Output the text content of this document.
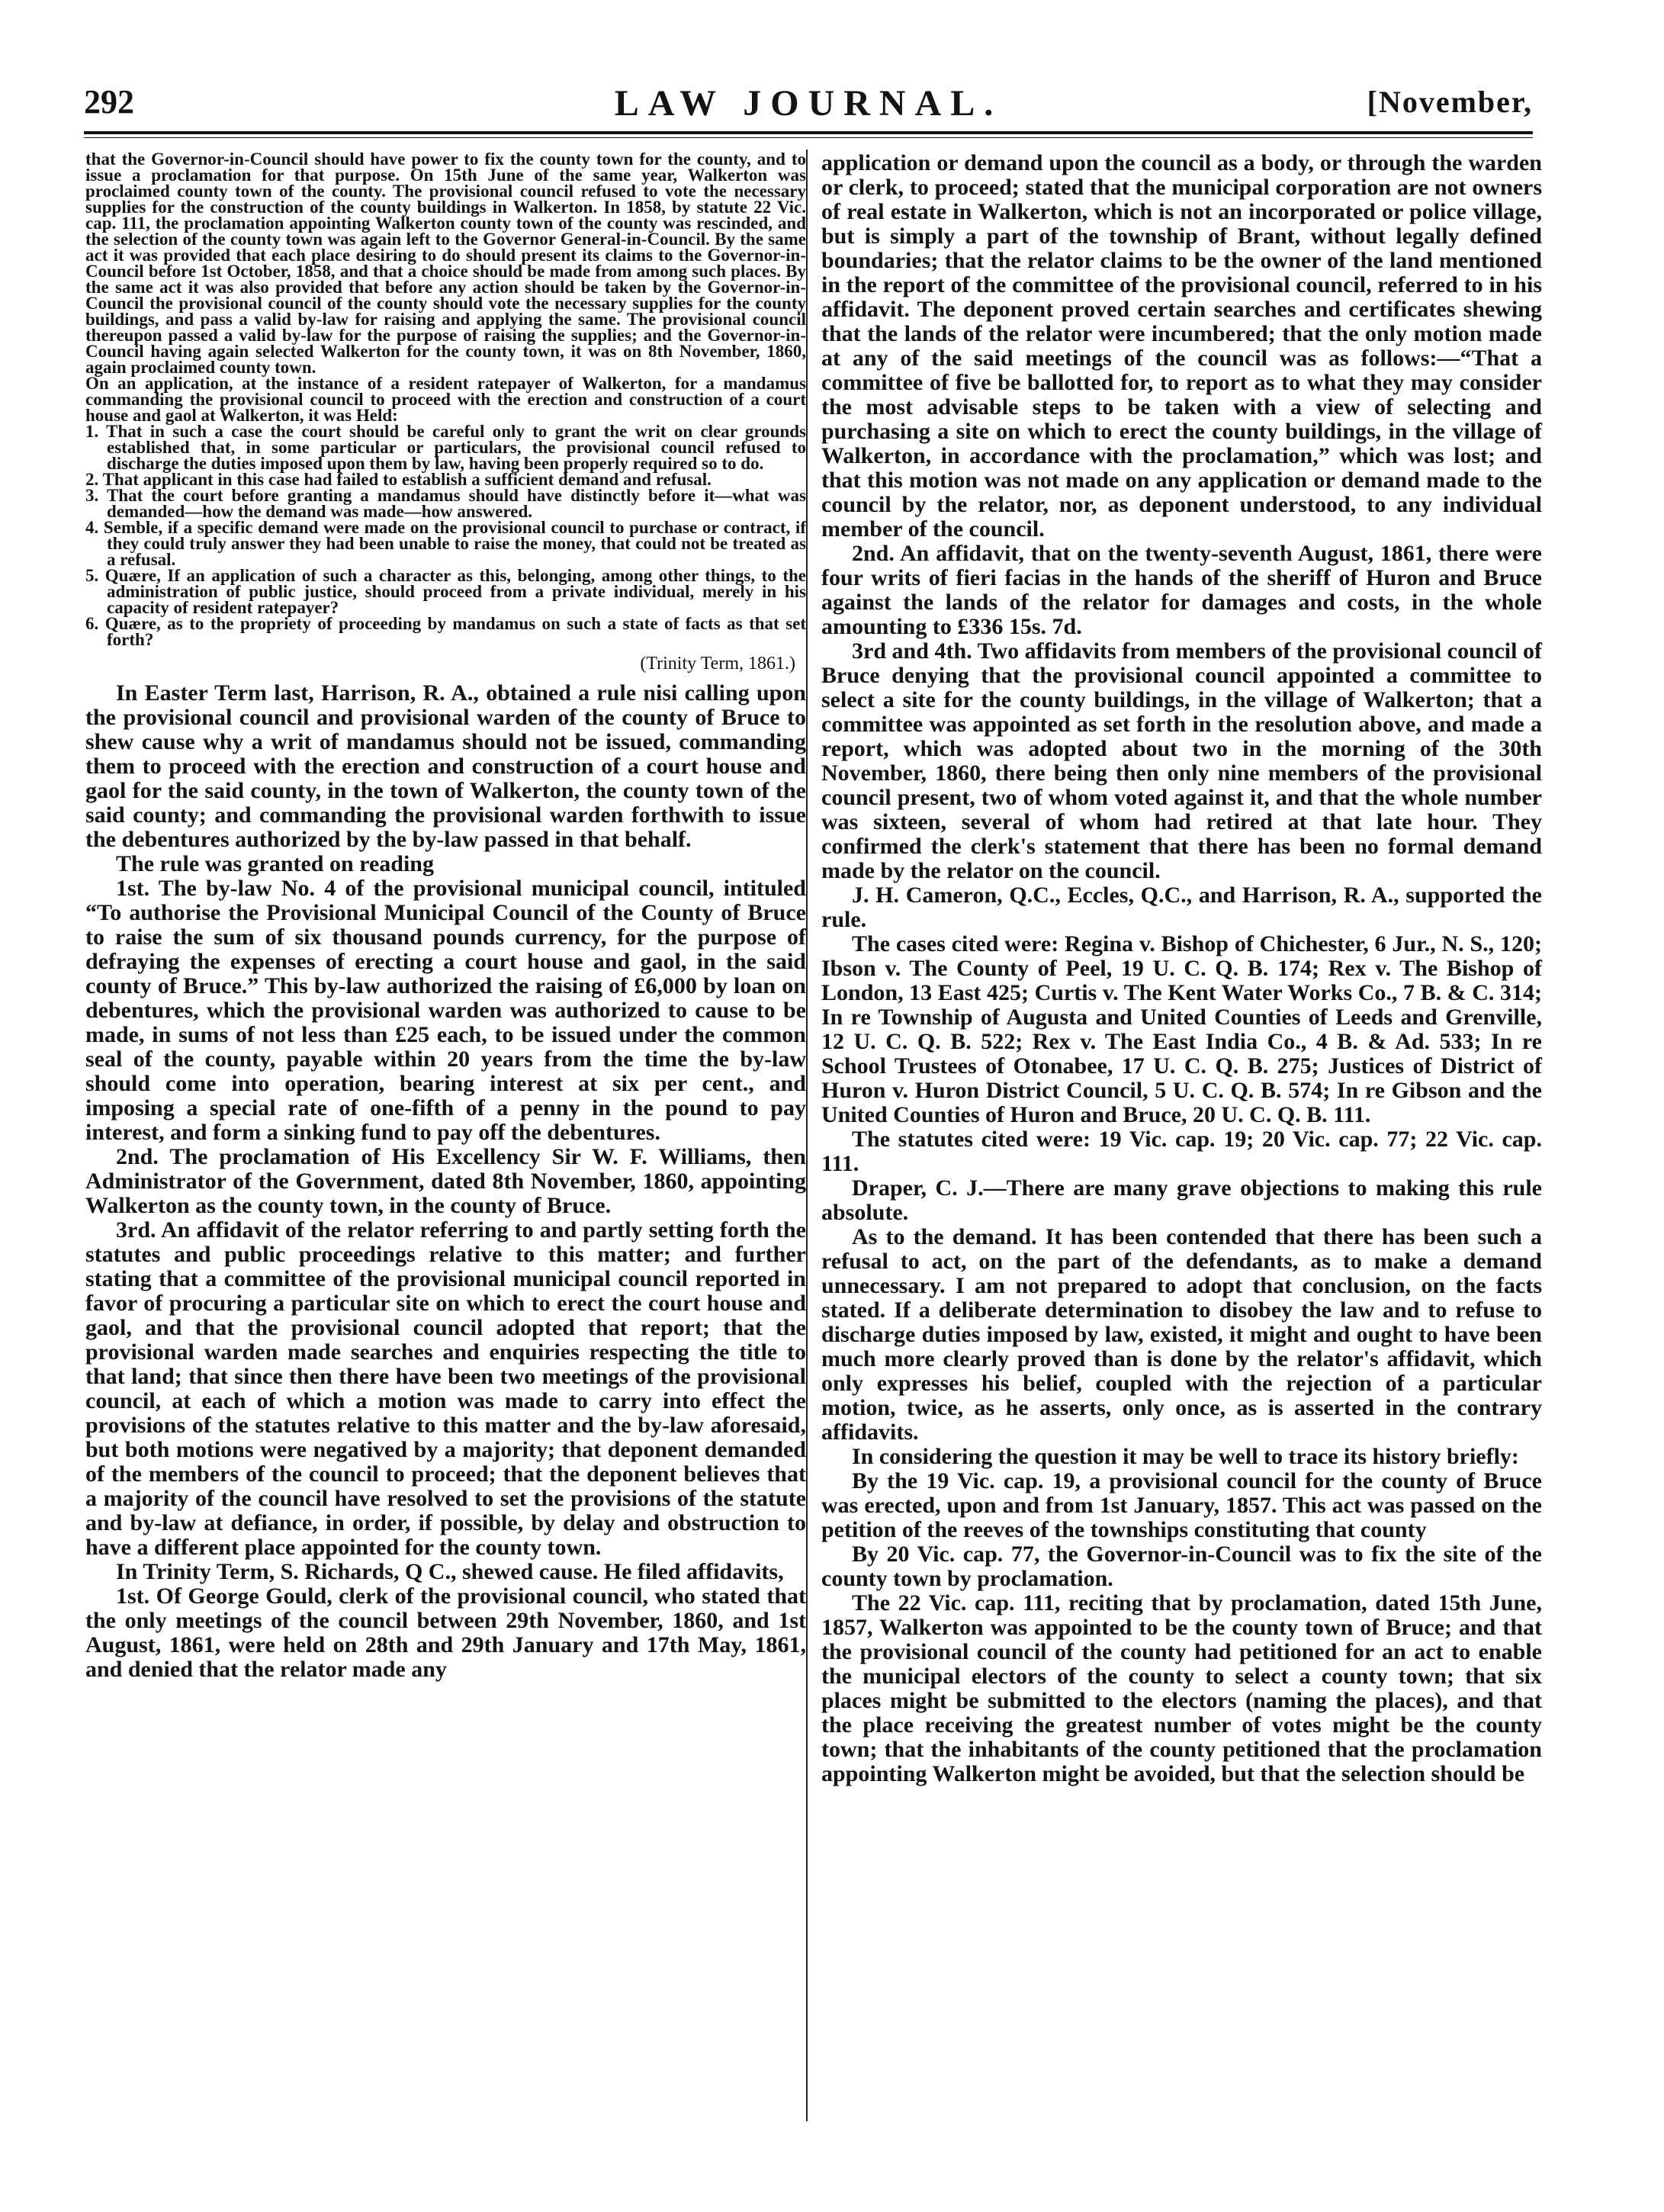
292	LAW JOURNAL.	[November,

that the Governor-in-Council should have power to fix the county town for the county, and to issue a proclamation for that purpose. On 15th June of the same year, Walkerton was proclaimed county town of the county. The provisional council refused to vote the necessary supplies for the construction of the county buildings in Walkerton. In 1858, by statute 22 Vic. cap. 111, the proclamation appointing Walkerton county town of the county was rescinded, and the selection of the county town was again left to the Governor General-in-Council. By the same act it was provided that each place desiring to do should present its claims to the Governor-in-Council before 1st October, 1858, and that a choice should be made from among such places. By the same act it was also provided that before any action should be taken by the Governor-in-Council the provisional council of the county should vote the necessary supplies for the county buildings, and pass a valid by-law for raising and applying the same. The provisional council thereupon passed a valid by-law for the purpose of raising the supplies; and the Governor-in-Council having again selected Walkerton for the county town, it was on 8th November, 1860, again proclaimed county town.

On an application, at the instance of a resident ratepayer of Walkerton, for a mandamus commanding the provisional council to proceed with the erection and construction of a court house and gaol at Walkerton, it was Held:

1. That in such a case the court should be careful only to grant the writ on clear grounds established that, in some particular or particulars, the provisional council refused to discharge the duties imposed upon them by law, having been properly required so to do.

2. That applicant in this case had failed to establish a sufficient demand and refusal.

3. That the court before granting a mandamus should have distinctly before it—what was demanded—how the demand was made—how answered.

4. Semble, if a specific demand were made on the provisional council to purchase or contract, if they could truly answer they had been unable to raise the money, that could not be treated as a refusal.

5. Quære, If an application of such a character as this, belonging, among other things, to the administration of public justice, should proceed from a private individual, merely in his capacity of resident ratepayer?

6. Quære, as to the propriety of proceeding by mandamus on such a state of facts as that set forth?

(Trinity Term, 1861.)

In Easter Term last, Harrison, R. A., obtained a rule nisi calling upon the provisional council and provisional warden of the county of Bruce to shew cause why a writ of mandamus should not be issued, commanding them to proceed with the erection and construction of a court house and gaol for the said county, in the town of Walkerton, the county town of the said county; and commanding the provisional warden forthwith to issue the debentures authorized by the by-law passed in that behalf.

The rule was granted on reading

1st. The by-law No. 4 of the provisional municipal council, intituled “To authorise the Provisional Municipal Council of the County of Bruce to raise the sum of six thousand pounds currency, for the purpose of defraying the expenses of erecting a court house and gaol, in the said county of Bruce.” This by-law authorized the raising of £6,000 by loan on debentures, which the provisional warden was authorized to cause to be made, in sums of not less than £25 each, to be issued under the common seal of the county, payable within 20 years from the time the by-law should come into operation, bearing interest at six per cent., and imposing a special rate of one-fifth of a penny in the pound to pay interest, and form a sinking fund to pay off the debentures.

2nd. The proclamation of His Excellency Sir W. F. Williams, then Administrator of the Government, dated 8th November, 1860, appointing Walkerton as the county town, in the county of Bruce.

3rd. An affidavit of the relator referring to and partly setting forth the statutes and public proceedings relative to this matter; and further stating that a committee of the provisional municipal council reported in favor of procuring a particular site on which to erect the court house and gaol, and that the provisional council adopted that report; that the provisional warden made searches and enquiries respecting the title to that land; that since then there have been two meetings of the provisional council, at each of which a motion was made to carry into effect the provisions of the statutes relative to this matter and the by-law aforesaid, but both motions were negatived by a majority; that deponent demanded of the members of the council to proceed; that the deponent believes that a majority of the council have resolved to set the provisions of the statute and by-law at defiance, in order, if possible, by delay and obstruction to have a different place appointed for the county town.

In Trinity Term, S. Richards, Q C., shewed cause. He filed affidavits,

1st. Of George Gould, clerk of the provisional council, who stated that the only meetings of the council between 29th November, 1860, and 1st August, 1861, were held on 28th and 29th January and 17th May, 1861, and denied that the relator made any

application or demand upon the council as a body, or through the warden or clerk, to proceed; stated that the municipal corporation are not owners of real estate in Walkerton, which is not an incorporated or police village, but is simply a part of the township of Brant, without legally defined boundaries; that the relator claims to be the owner of the land mentioned in the report of the committee of the provisional council, referred to in his affidavit. The deponent proved certain searches and certificates shewing that the lands of the relator were incumbered; that the only motion made at any of the said meetings of the council was as follows:—“That a committee of five be ballotted for, to report as to what they may consider the most advisable steps to be taken with a view of selecting and purchasing a site on which to erect the county buildings, in the village of Walkerton, in accordance with the proclamation,” which was lost; and that this motion was not made on any application or demand made to the council by the relator, nor, as deponent understood, to any individual member of the council.

2nd. An affidavit, that on the twenty-seventh August, 1861, there were four writs of fieri facias in the hands of the sheriff of Huron and Bruce against the lands of the relator for damages and costs, in the whole amounting to £336 15s. 7d.

3rd and 4th. Two affidavits from members of the provisional council of Bruce denying that the provisional council appointed a committee to select a site for the county buildings, in the village of Walkerton; that a committee was appointed as set forth in the resolution above, and made a report, which was adopted about two in the morning of the 30th November, 1860, there being then only nine members of the provisional council present, two of whom voted against it, and that the whole number was sixteen, several of whom had retired at that late hour. They confirmed the clerk's statement that there has been no formal demand made by the relator on the council.

J. H. Cameron, Q.C., Eccles, Q.C., and Harrison, R. A., supported the rule.

The cases cited were: Regina v. Bishop of Chichester, 6 Jur., N. S., 120; Ibson v. The County of Peel, 19 U. C. Q. B. 174; Rex v. The Bishop of London, 13 East 425; Curtis v. The Kent Water Works Co., 7 B. & C. 314; In re Township of Augusta and United Counties of Leeds and Grenville, 12 U. C. Q. B. 522; Rex v. The East India Co., 4 B. & Ad. 533; In re School Trustees of Otonabee, 17 U. C. Q. B. 275; Justices of District of Huron v. Huron District Council, 5 U. C. Q. B. 574; In re Gibson and the United Counties of Huron and Bruce, 20 U. C. Q. B. 111.

The statutes cited were: 19 Vic. cap. 19; 20 Vic. cap. 77; 22 Vic. cap. 111.

Draper, C. J.—There are many grave objections to making this rule absolute.

As to the demand. It has been contended that there has been such a refusal to act, on the part of the defendants, as to make a demand unnecessary. I am not prepared to adopt that conclusion, on the facts stated. If a deliberate determination to disobey the law and to refuse to discharge duties imposed by law, existed, it might and ought to have been much more clearly proved than is done by the relator's affidavit, which only expresses his belief, coupled with the rejection of a particular motion, twice, as he asserts, only once, as is asserted in the contrary affidavits.

In considering the question it may be well to trace its history briefly:

By the 19 Vic. cap. 19, a provisional council for the county of Bruce was erected, upon and from 1st January, 1857. This act was passed on the petition of the reeves of the townships constituting that county

By 20 Vic. cap. 77, the Governor-in-Council was to fix the site of the county town by proclamation.

The 22 Vic. cap. 111, reciting that by proclamation, dated 15th June, 1857, Walkerton was appointed to be the county town of Bruce; and that the provisional council of the county had petitioned for an act to enable the municipal electors of the county to select a county town; that six places might be submitted to the electors (naming the places), and that the place receiving the greatest number of votes might be the county town; that the inhabitants of the county petitioned that the proclamation appointing Walkerton might be avoided, but that the selection should be
